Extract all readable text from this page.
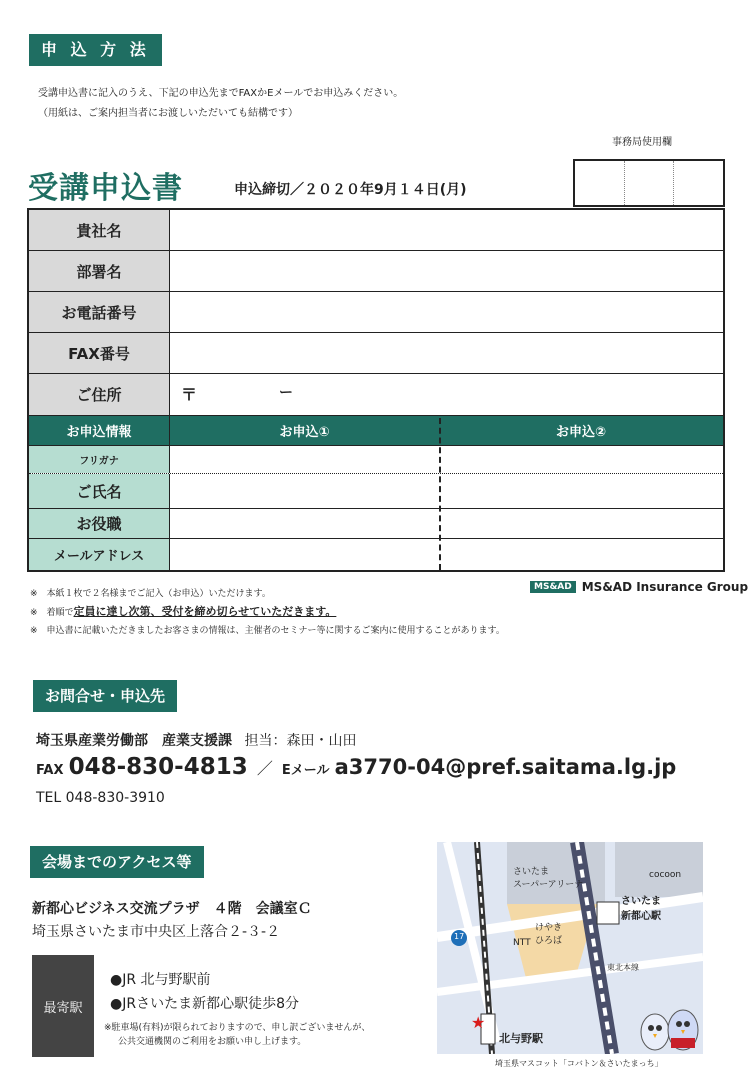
申 込 方 法
受講申込書に記入のうえ、下記の申込先までFAXかEメールでお申込みください。
（用紙は、ご案内担当者にお渡しいただいても結構です）
事務局使用欄
受講申込書	申込締切／２０２０年9月１４日(月)
貴社名
部署名
お電話番号
FAX番号
ご住所	〒	ー
お申込情報	お申込①	お申込②
フリガナ
ご氏名
お役職
メールアドレス
※　本紙１枚で２名様までご記入（お申込）いただけます。
※　着順で定員に達し次第、受付を締め切らせていただきます。
※　申込書に記載いただきましたお客さまの情報は、主催者のセミナー等に関するご案内に使用することがあります。
MS&AD MS&AD Insurance Group
お問合せ・申込先
埼玉県産業労働部　産業支援課 担当：森田・山田
FAX 048-830-4813 ／ Eメール a3770-04@pref.saitama.lg.jp
TEL 048-830-3910
会場までのアクセス等
新都心ビジネス交流プラザ　４階　会議室Ｃ
埼玉県さいたま市中央区上落合２-３-２
最寄駅
●JR 北与野駅前
●JRさいたま新都心駅徒歩8分
※駐車場(有料)が限られておりますので、申し訳ございませんが、
公共交通機関のご利用をお願い申し上げます。
★
さいたま
スーパーアリーナ
cocoon
さいたま
新都心駅
けやき
ひろば
NTT
17
東北本線
北与野駅
埼玉県マスコット「コバトン＆さいたまっち」
